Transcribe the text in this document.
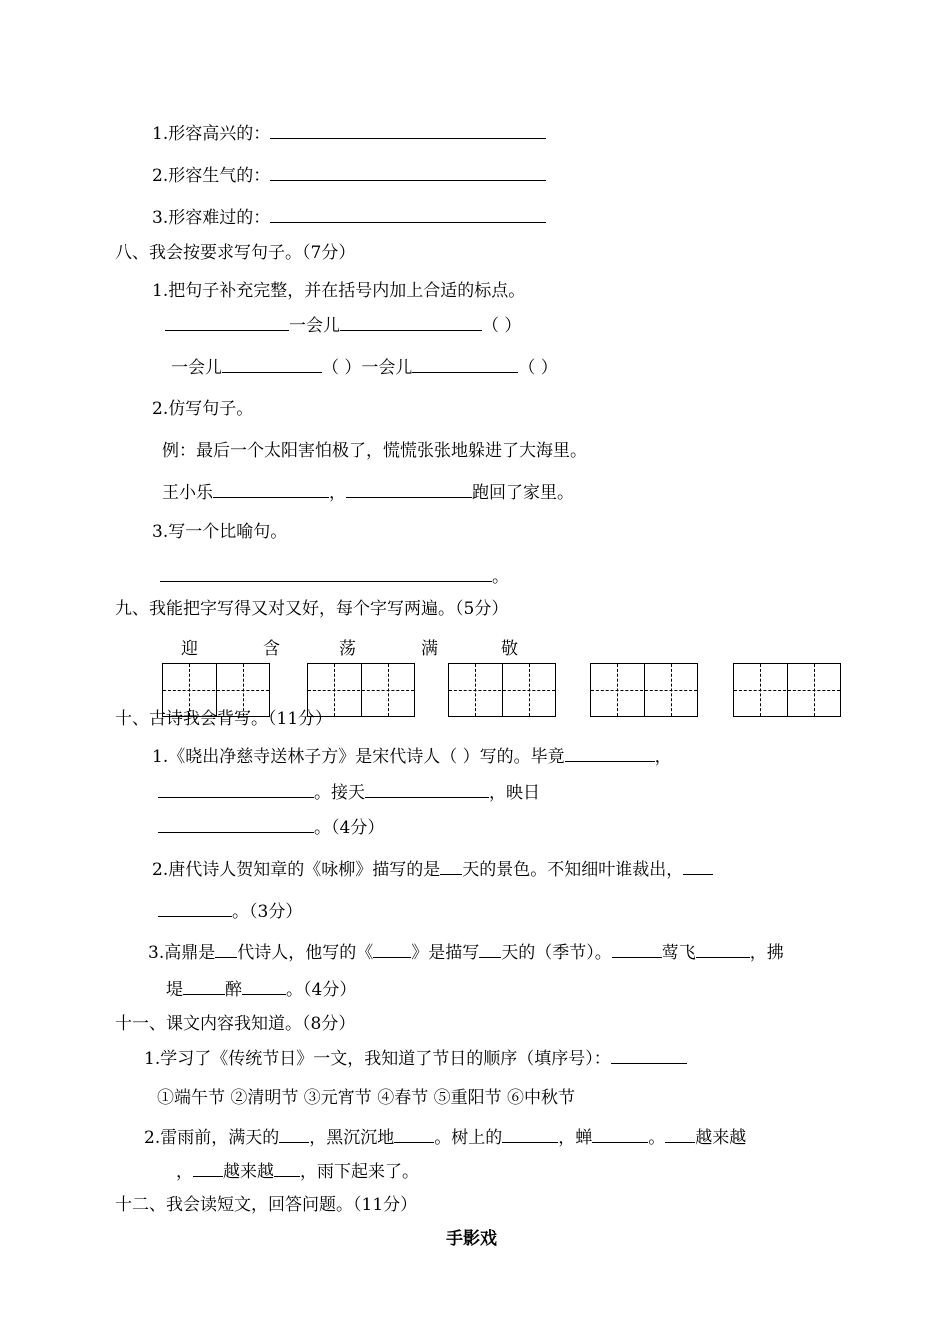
1.形容高兴的：
2.形容生气的：
3.形容难过的：
八、我会按要求写句子。（7分）
1.把句子补充完整，并在括号内加上合适的标点。
一会儿	（ ）
一会儿	（ ）一会儿	（ ）
2.仿写句子。
例：最后一个太阳害怕极了，慌慌张张地躲进了大海里。
王小乐	，	跑回了家里。
3.写一个比喻句。
。
九、我能把字写得又对又好，每个字写两遍。（5分）
迎	含	荡	满	敬
十、古诗我会背写。（11分）
1.《晓出净慈寺送林子方》是宋代诗人（ ）写的。毕竟	，
。接天	，映日
。（4分）
2.唐代诗人贺知章的《咏柳》描写的是 天的景色。不知细叶谁裁出，
。（3分）
3.高鼎是 代诗人，他写的《 》是描写 天的（季节）。	莺飞	，拂
堤 醉	。（4分）
十一、课文内容我知道。（8分）
1.学习了《传统节日》一文，我知道了节日的顺序（填序号）：
①端午节 ②清明节 ③元宵节 ④春节 ⑤重阳节 ⑥中秋节
2.雷雨前，满天的 ，黑沉沉地 。树上的	，蝉	。 越来越
， 越来越 ，雨下起来了。
十二、我会读短文，回答问题。（11分）
手影戏
